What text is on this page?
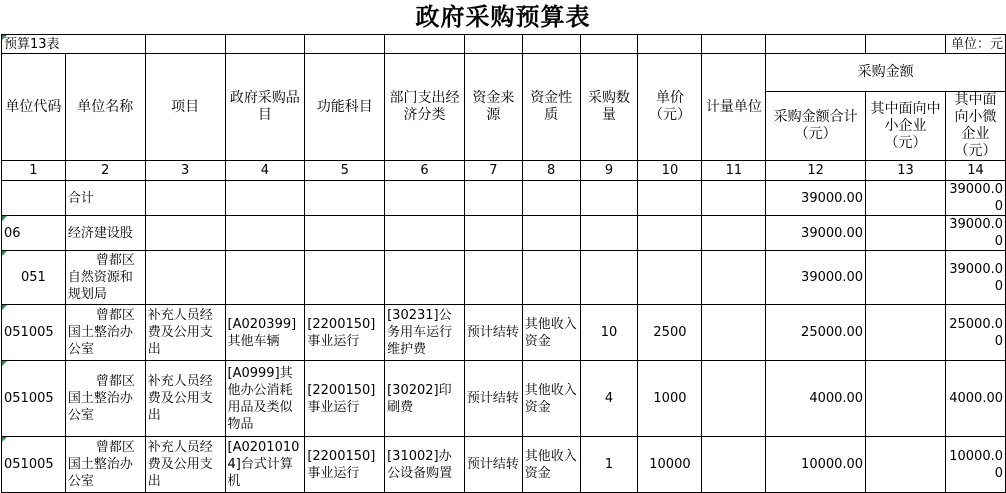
政府采购预算表
预算13表													单位：元
单位代码	单位名称	项目	政府采购品目	功能科目	部门支出经济分类	资金来源	资金性质	采购数量	单价（元）	计量单位	采购金额		
											采购金额合计（元）	其中面向中小企业（元）	其中面向小微企业（元）
1	2	3	4	5	6	7	8	9	10	11	12	13	14
	合计										39000.00		39000.00
06	经济建设股										39000.00		39000.00
051	曾都区自然资源和规划局										39000.00		39000.00
051005	曾都区国土整治办公室	补充人员经费及公用支出	[A020399]其他车辆	[2200150]事业运行	[30231]公务用车运行维护费	预计结转	其他收入资金	10	2500		25000.00		25000.00
051005	曾都区国土整治办公室	补充人员经费及公用支出	[A0999]其他办公消耗用品及类似物品	[2200150]事业运行	[30202]印刷费	预计结转	其他收入资金	4	1000		4000.00		4000.00
051005	曾都区国土整治办公室	补充人员经费及公用支出	[A02010104]台式计算机	[2200150]事业运行	[31002]办公设备购置	预计结转	其他收入资金	1	10000		10000.00		10000.00
